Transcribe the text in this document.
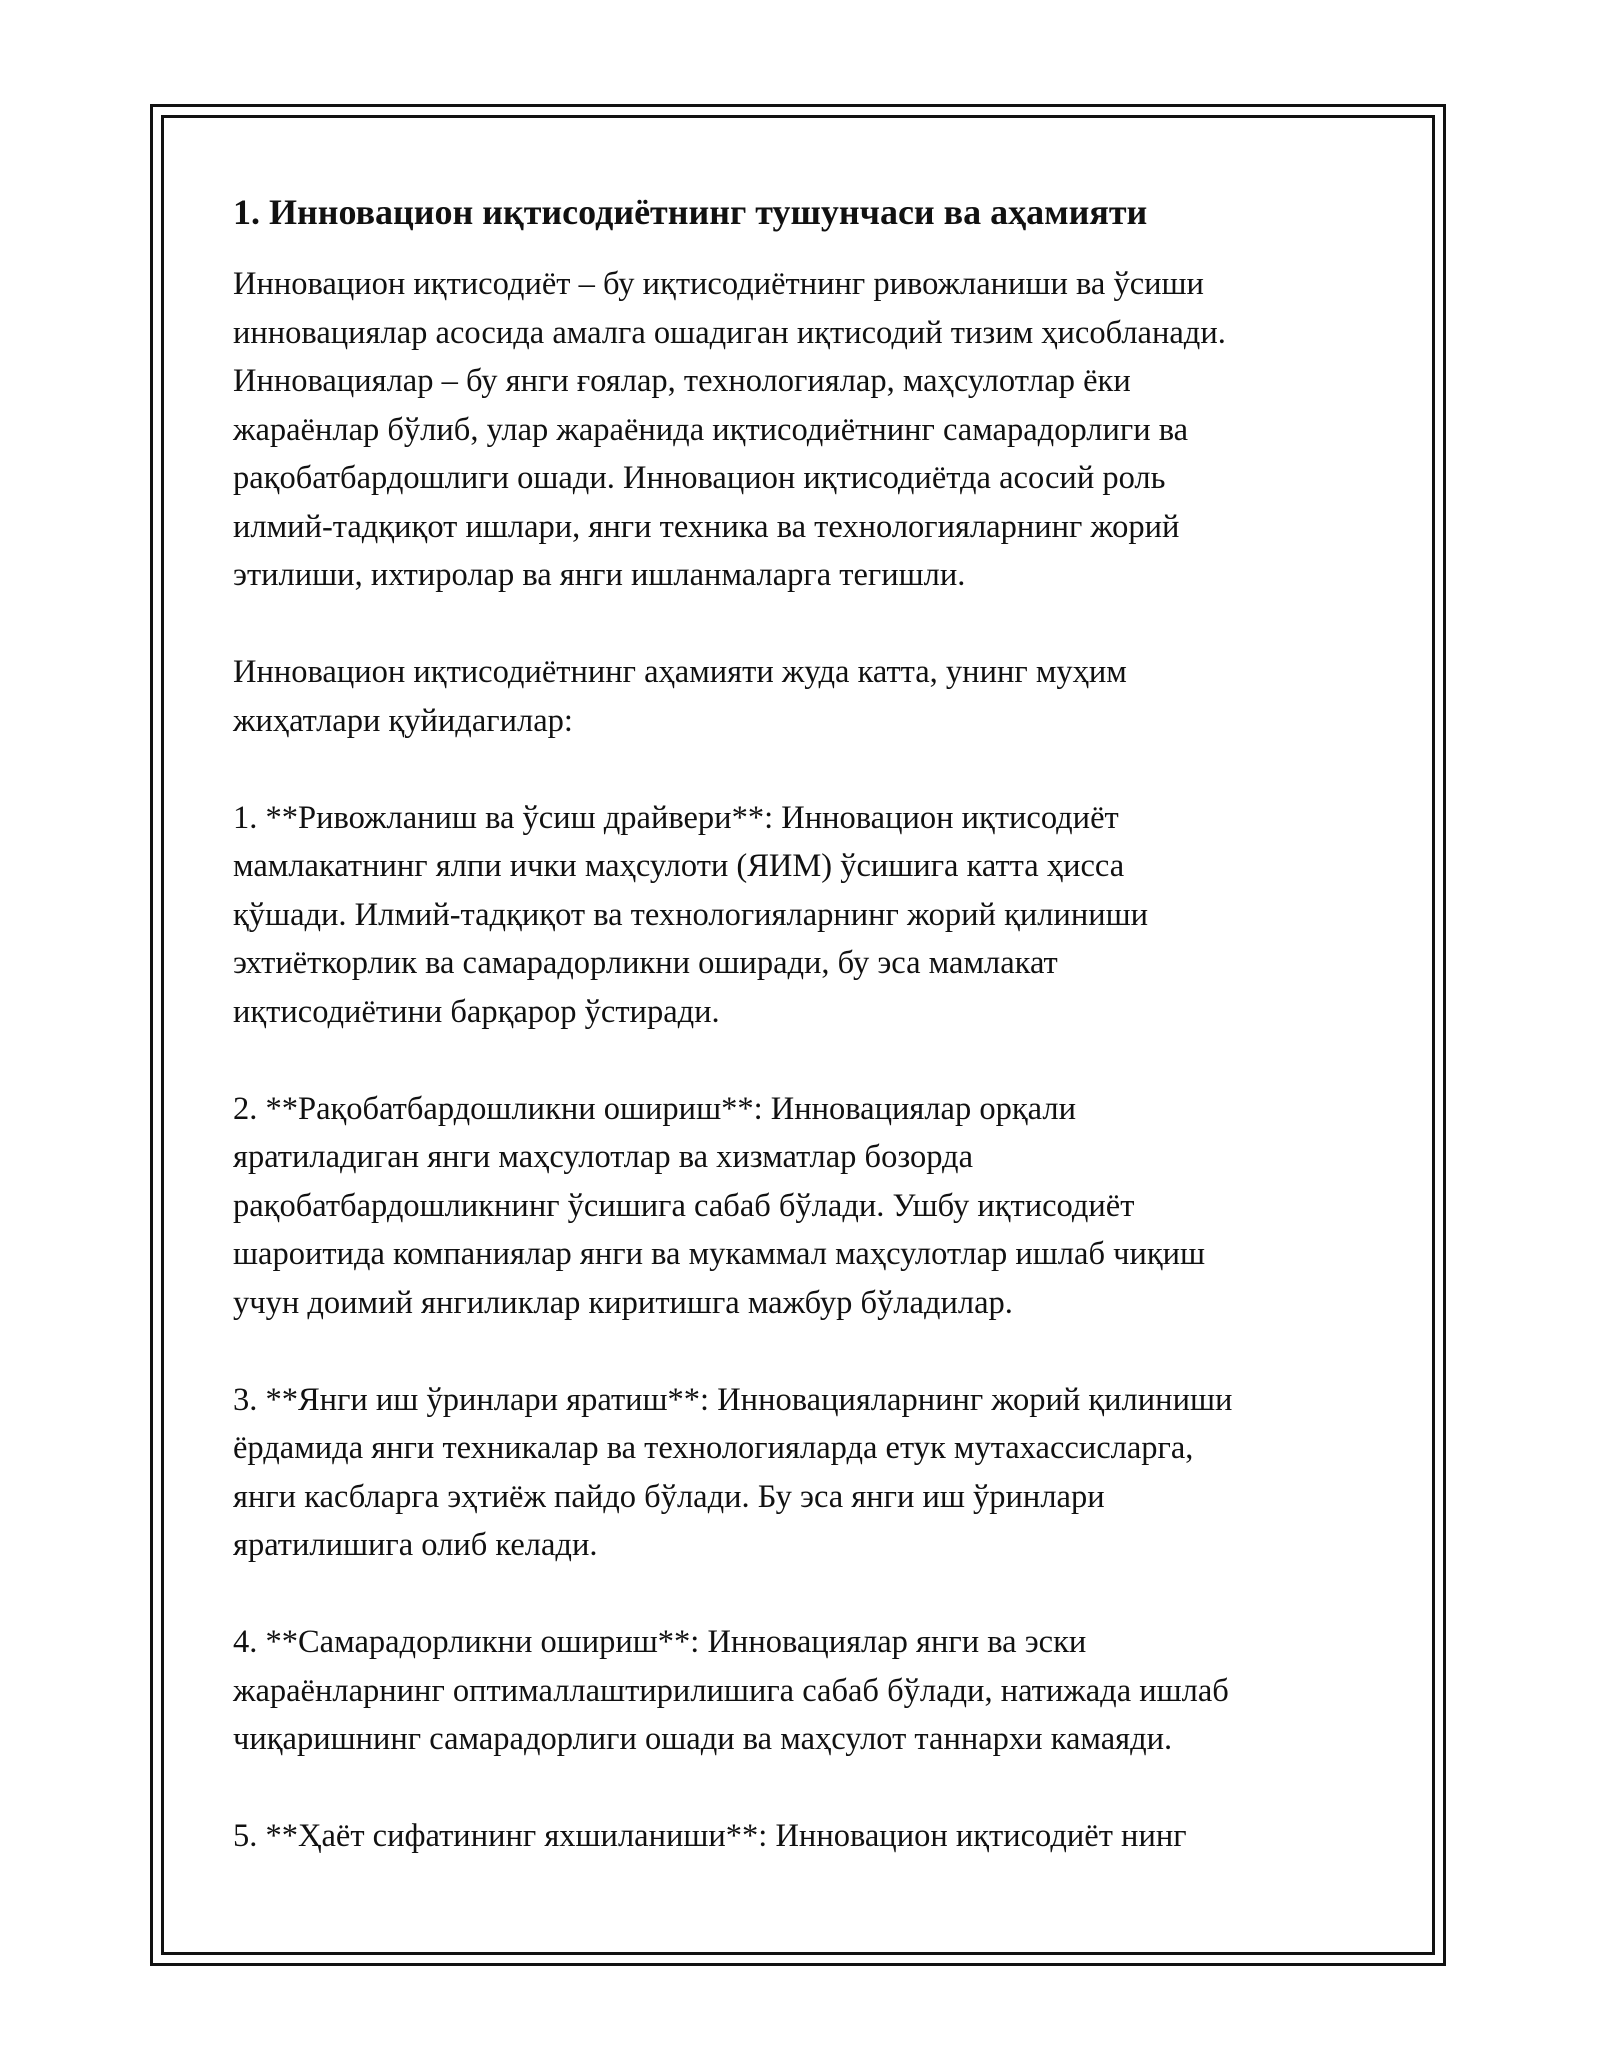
1. Инновацион иқтисодиётнинг тушунчаси ва аҳамияти
Инновацион иқтисодиёт – бу иқтисодиётнинг ривожланиши ва ўсиши
инновациялар асосида амалга ошадиган иқтисодий тизим ҳисобланади.
Инновациялар – бу янги ғоялар, технологиялар, маҳсулотлар ёки
жараёнлар бўлиб, улар жараёнида иқтисодиётнинг самарадорлиги ва
рақобатбардошлиги ошади. Инновацион иқтисодиётда асосий роль
илмий-тадқиқот ишлари, янги техника ва технологияларнинг жорий
этилиши, ихтиролар ва янги ишланмаларга тегишли.
Инновацион иқтисодиётнинг аҳамияти жуда катта, унинг муҳим
жиҳатлари қуйидагилар:
1. **Ривожланиш ва ўсиш драйвери**: Инновацион иқтисодиёт
мамлакатнинг ялпи ички маҳсулоти (ЯИМ) ўсишига катта ҳисса
қўшади. Илмий-тадқиқот ва технологияларнинг жорий қилиниши
эхтиёткорлик ва самарадорликни оширади, бу эса мамлакат
иқтисодиётини барқарор ўстиради.
2. **Рақобатбардошликни ошириш**: Инновациялар орқали
яратиладиган янги маҳсулотлар ва хизматлар бозорда
рақобатбардошликнинг ўсишига сабаб бўлади. Ушбу иқтисодиёт
шароитида компаниялар янги ва мукаммал маҳсулотлар ишлаб чиқиш
учун доимий янгиликлар киритишга мажбур бўладилар.
3. **Янги иш ўринлари яратиш**: Инновацияларнинг жорий қилиниши
ёрдамида янги техникалар ва технологияларда етук мутахассисларга,
янги касбларга эҳтиёж пайдо бўлади. Бу эса янги иш ўринлари
яратилишига олиб келади.
4. **Самарадорликни ошириш**: Инновациялар янги ва эски
жараёнларнинг оптималлаштирилишига сабаб бўлади, натижада ишлаб
чиқаришнинг самарадорлиги ошади ва маҳсулот таннархи камаяди.
5. **Ҳаёт сифатининг яхшиланиши**: Инновацион иқтисодиёт нинг
